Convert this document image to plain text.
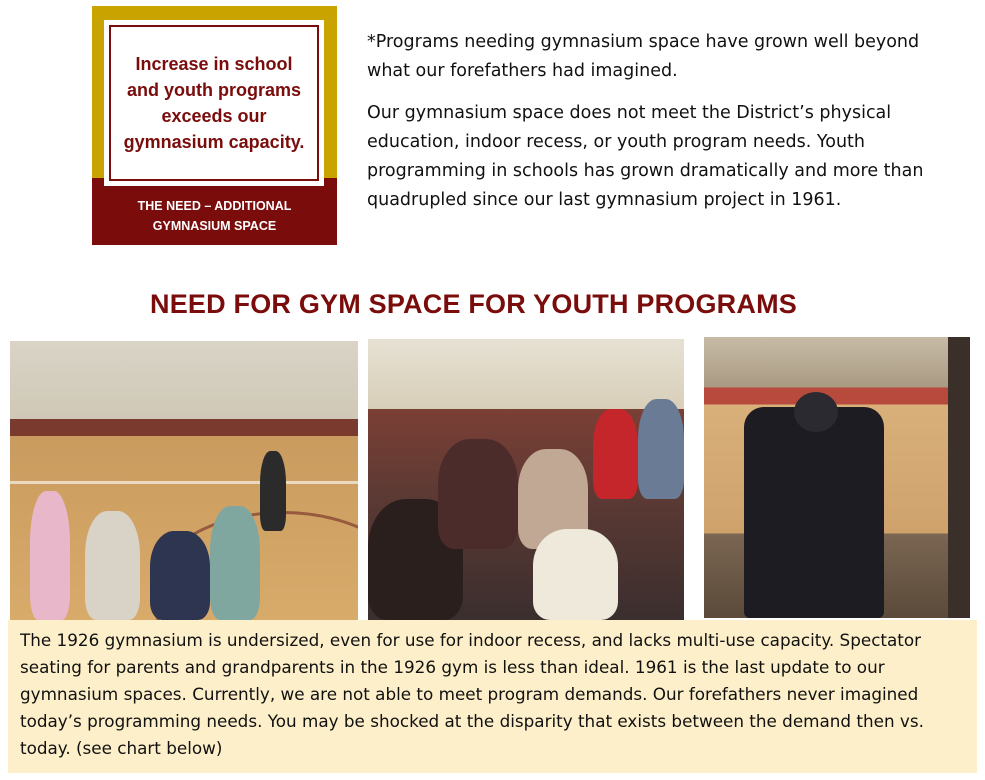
Increase in school and youth programs exceeds our gymnasium capacity.
THE NEED – ADDITIONAL GYMNASIUM SPACE

*Programs needing gymnasium space have grown well beyond what our forefathers had imagined.

Our gymnasium space does not meet the District’s physical education, indoor recess, or youth program needs. Youth programming in schools has grown dramatically and more than quadrupled since our last gymnasium project in 1961.

NEED FOR GYM SPACE FOR YOUTH PROGRAMS
The 1926 gymnasium is undersized, even for use for indoor recess, and lacks multi-use capacity. Spectator seating for parents and grandparents in the 1926 gym is less than ideal. 1961 is the last update to our gymnasium spaces. Currently, we are not able to meet program demands. Our forefathers never imagined today’s programming needs. You may be shocked at the disparity that exists between the demand then vs. today. (see chart below)
